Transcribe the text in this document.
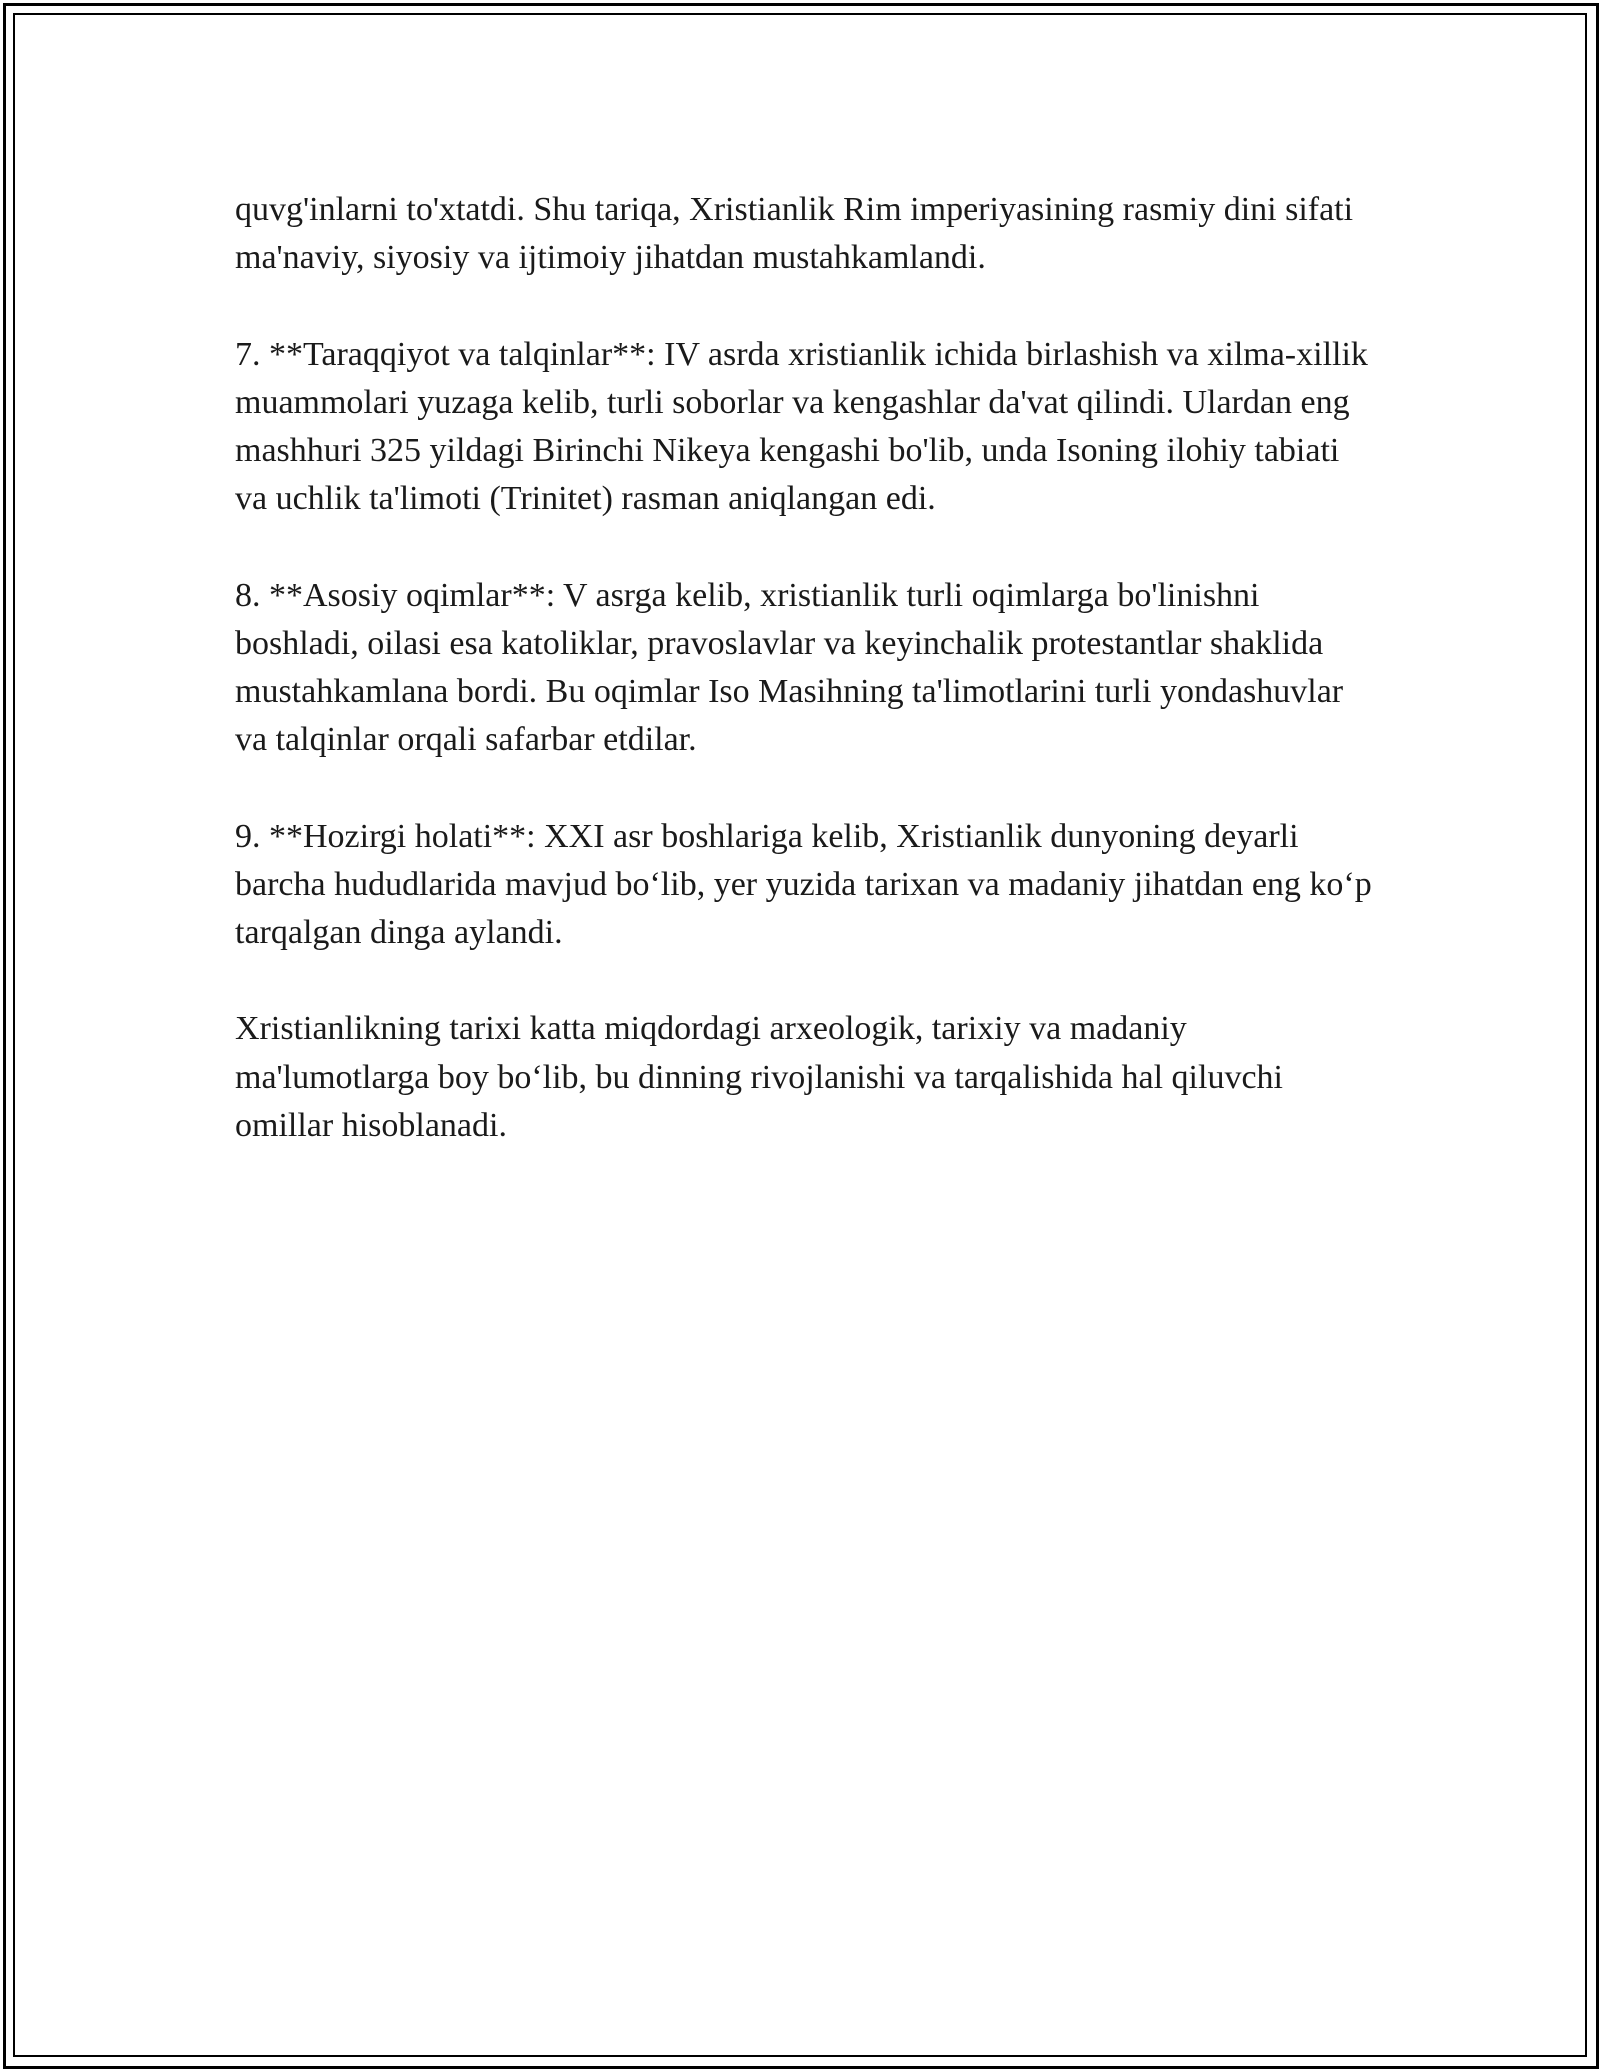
quvg'inlarni to'xtatdi. Shu tariqa, Xristianlik Rim imperiyasining rasmiy dini sifati ma'naviy, siyosiy va ijtimoiy jihatdan mustahkamlandi.

7. **Taraqqiyot va talqinlar**: IV asrda xristianlik ichida birlashish va xilma-xillik muammolari yuzaga kelib, turli soborlar va kengashlar da'vat qilindi. Ulardan eng mashhuri 325 yildagi Birinchi Nikeya kengashi bo'lib, unda Isoning ilohiy tabiati va uchlik ta'limoti (Trinitet) rasman aniqlangan edi.

8. **Asosiy oqimlar**: V asrga kelib, xristianlik turli oqimlarga bo'linishni boshladi, oilasi esa katoliklar, pravoslavlar va keyinchalik protestantlar shaklida mustahkamlana bordi. Bu oqimlar Iso Masihning ta'limotlarini turli yondashuvlar va talqinlar orqali safarbar etdilar.

9. **Hozirgi holati**: XXI asr boshlariga kelib, Xristianlik dunyoning deyarli barcha hududlarida mavjud bo‘lib, yer yuzida tarixan va madaniy jihatdan eng ko‘p tarqalgan dinga aylandi.

Xristianlikning tarixi katta miqdordagi arxeologik, tarixiy va madaniy ma'lumotlarga boy bo‘lib, bu dinning rivojlanishi va tarqalishida hal qiluvchi omillar hisoblanadi.
